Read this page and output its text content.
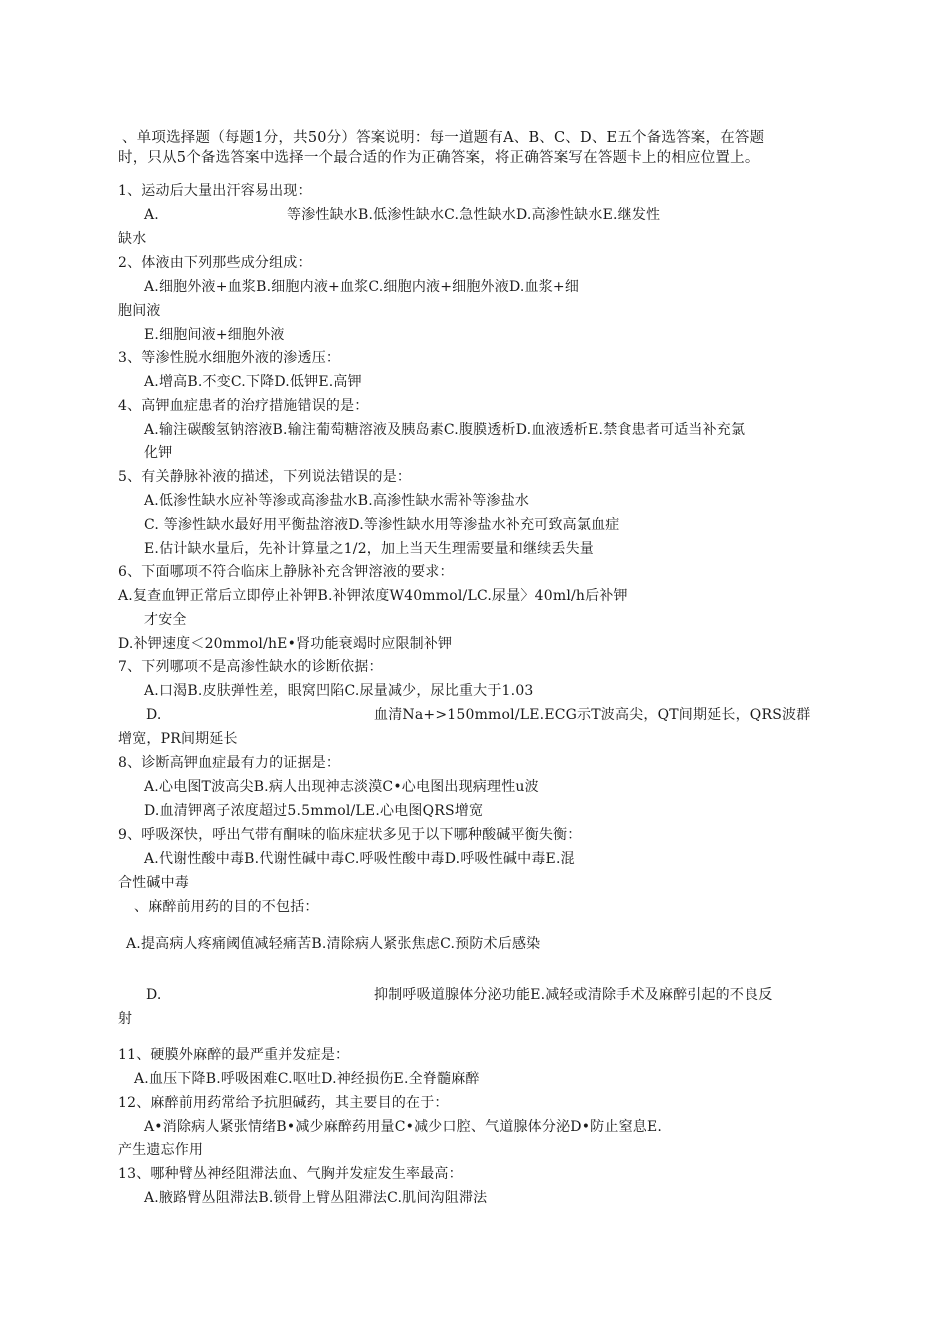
、单项选择题（每题1分，共50分）答案说明：每一道题有A、B、C、D、E五个备选答案，在答题
时，只从5个备选答案中选择一个最合适的作为正确答案，将正确答案写在答题卡上的相应位置上。
1、运动后大量出汗容易出现：
A.	等渗性缺水B.低渗性缺水C.急性缺水D.高渗性缺水E.继发性
缺水
2、体液由下列那些成分组成：
A.细胞外液+血浆B.细胞内液+血浆C.细胞内液+细胞外液D.血浆+细
胞间液
E.细胞间液+细胞外液
3、等渗性脱水细胞外液的渗透压：
A.增高B.不变C.下降D.低钾E.高钾
4、高钾血症患者的治疗措施错误的是：
A.输注碳酸氢钠溶液B.输注葡萄糖溶液及胰岛素C.腹膜透析D.血液透析E.禁食患者可适当补充氯
化钾
5、有关静脉补液的描述，下列说法错误的是：
A.低渗性缺水应补等渗或高渗盐水B.高渗性缺水需补等渗盐水
C. 等渗性缺水最好用平衡盐溶液D.等渗性缺水用等渗盐水补充可致高氯血症
E.估计缺水量后，先补计算量之1/2，加上当天生理需要量和继续丢失量
6、下面哪项不符合临床上静脉补充含钾溶液的要求：
A.复查血钾正常后立即停止补钾B.补钾浓度W40mmol/LC.尿量〉40ml/h后补钾
才安全
D.补钾速度＜20mmol/hE•肾功能衰竭时应限制补钾
7、下列哪项不是高渗性缺水的诊断依据：
A.口渴B.皮肤弹性差，眼窝凹陷C.尿量减少，尿比重大于1.03
D.	血清Na+>150mmol/LE.ECG示T波高尖，QT间期延长，QRS波群
增宽，PR间期延长
8、诊断高钾血症最有力的证据是：
A.心电图T波高尖B.病人出现神志淡漠C•心电图出现病理性u波
D.血清钾离子浓度超过5.5mmol/LE.心电图QRS增宽
9、呼吸深快，呼出气带有酮味的临床症状多见于以下哪种酸碱平衡失衡：
A.代谢性酸中毒B.代谢性碱中毒C.呼吸性酸中毒D.呼吸性碱中毒E.混
合性碱中毒
、麻醉前用药的目的不包括：
A.提高病人疼痛阈值减轻痛苦B.清除病人紧张焦虑C.预防术后感染
D.	抑制呼吸道腺体分泌功能E.减轻或清除手术及麻醉引起的不良反
射
11、硬膜外麻醉的最严重并发症是：
A.血压下降B.呼吸困难C.呕吐D.神经损伤E.全脊髓麻醉
12、麻醉前用药常给予抗胆碱药，其主要目的在于：
A•消除病人紧张情绪B•减少麻醉药用量C•减少口腔、气道腺体分泌D•防止窒息E.
产生遗忘作用
13、哪种臂丛神经阻滞法血、气胸并发症发生率最高：
A.腋路臂丛阻滞法B.锁骨上臂丛阻滞法C.肌间沟阻滞法
